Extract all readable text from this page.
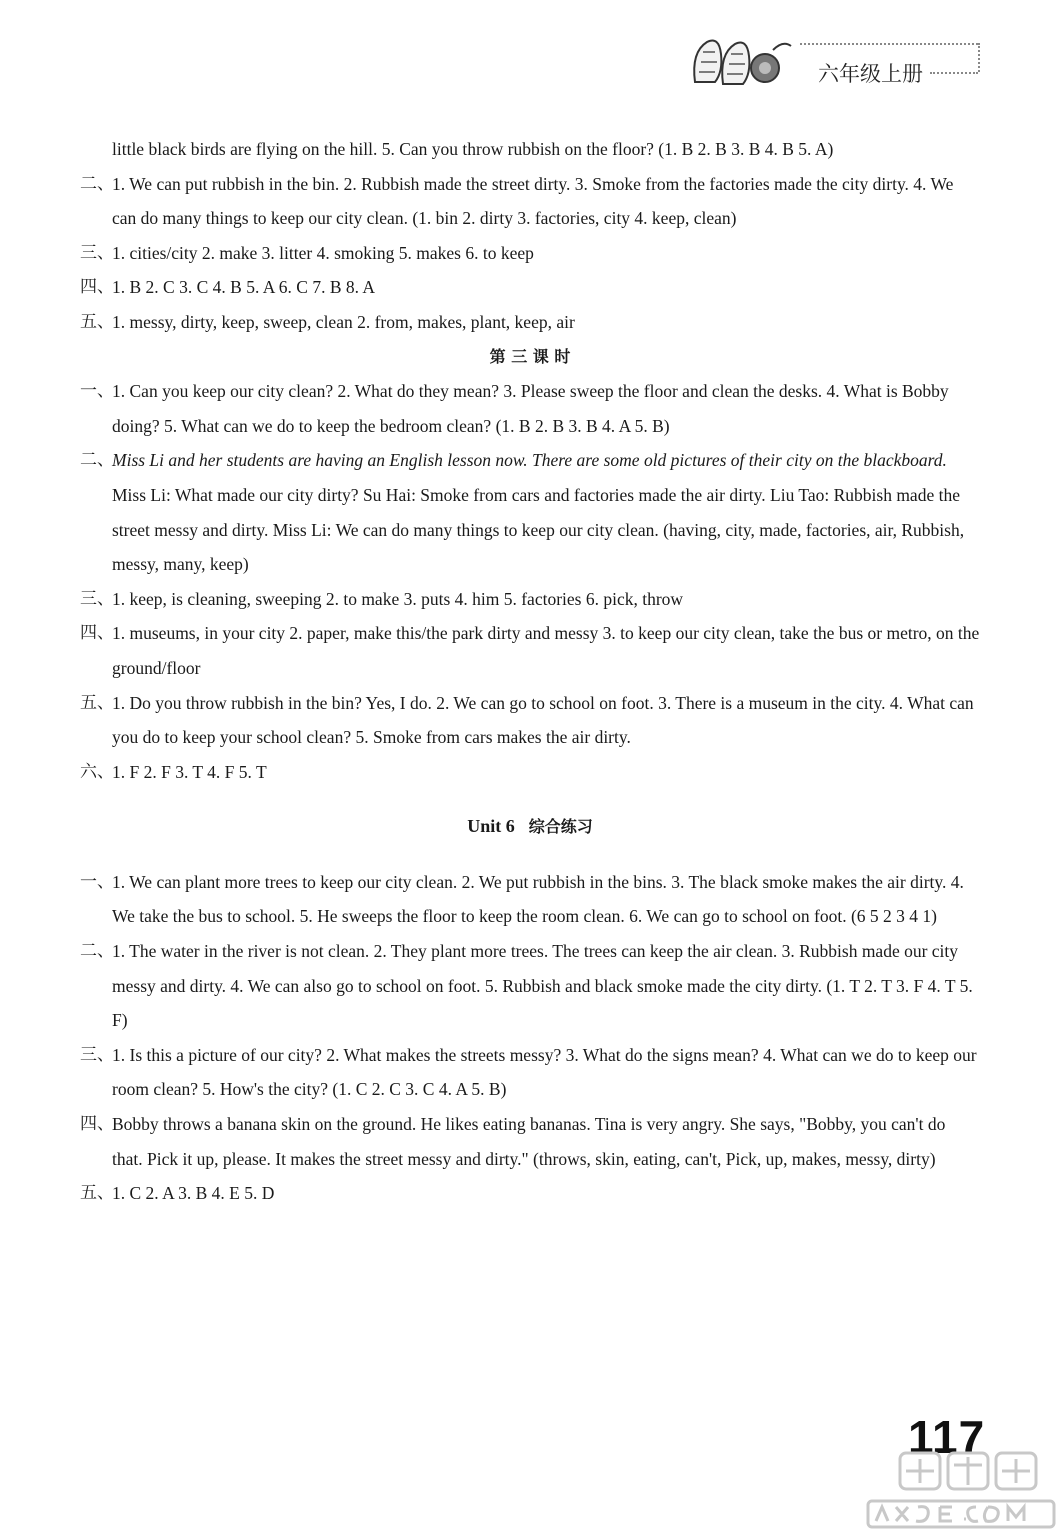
六年级上册
little black birds are flying on the hill. 5. Can you throw rubbish on the floor? (1. B 2. B 3. B 4. B 5. A)
二、
1. We can put rubbish in the bin. 2. Rubbish made the street dirty. 3. Smoke from the factories made the city dirty. 4. We can do many things to keep our city clean. (1. bin 2. dirty 3. factories, city 4. keep, clean)
三、
1. cities/city 2. make 3. litter 4. smoking 5. makes 6. to keep
四、
1. B 2. C 3. C 4. B 5. A 6. C 7. B 8. A
五、
1. messy, dirty, keep, sweep, clean 2. from, makes, plant, keep, air
第 三 课 时
一、
1. Can you keep our city clean? 2. What do they mean? 3. Please sweep the floor and clean the desks. 4. What is Bobby doing? 5. What can we do to keep the bedroom clean? (1. B 2. B 3. B 4. A 5. B)
二、
Miss Li and her students are having an English lesson now. There are some old pictures of their city on the blackboard. Miss Li: What made our city dirty? Su Hai: Smoke from cars and factories made the air dirty. Liu Tao: Rubbish made the street messy and dirty. Miss Li: We can do many things to keep our city clean. (having, city, made, factories, air, Rubbish, messy, many, keep)
三、
1. keep, is cleaning, sweeping 2. to make 3. puts 4. him 5. factories 6. pick, throw
四、
1. museums, in your city 2. paper, make this/the park dirty and messy 3. to keep our city clean, take the bus or metro, on the ground/floor
五、
1. Do you throw rubbish in the bin? Yes, I do. 2. We can go to school on foot. 3. There is a museum in the city. 4. What can you do to keep your school clean? 5. Smoke from cars makes the air dirty.
六、
1. F 2. F 3. T 4. F 5. T
Unit 6 综合练习
一、
1. We can plant more trees to keep our city clean. 2. We put rubbish in the bins. 3. The black smoke makes the air dirty. 4. We take the bus to school. 5. He sweeps the floor to keep the room clean. 6. We can go to school on foot. (6 5 2 3 4 1)
二、
1. The water in the river is not clean. 2. They plant more trees. The trees can keep the air clean. 3. Rubbish made our city messy and dirty. 4. We can also go to school on foot. 5. Rubbish and black smoke made the city dirty. (1. T 2. T 3. F 4. T 5. F)
三、
1. Is this a picture of our city? 2. What makes the streets messy? 3. What do the signs mean? 4. What can we do to keep our room clean? 5. How's the city? (1. C 2. C 3. C 4. A 5. B)
四、
Bobby throws a banana skin on the ground. He likes eating bananas. Tina is very angry. She says, "Bobby, you can't do that. Pick it up, please. It makes the street messy and dirty." (throws, skin, eating, can't, Pick, up, makes, messy, dirty)
五、
1. C 2. A 3. B 4. E 5. D
117
